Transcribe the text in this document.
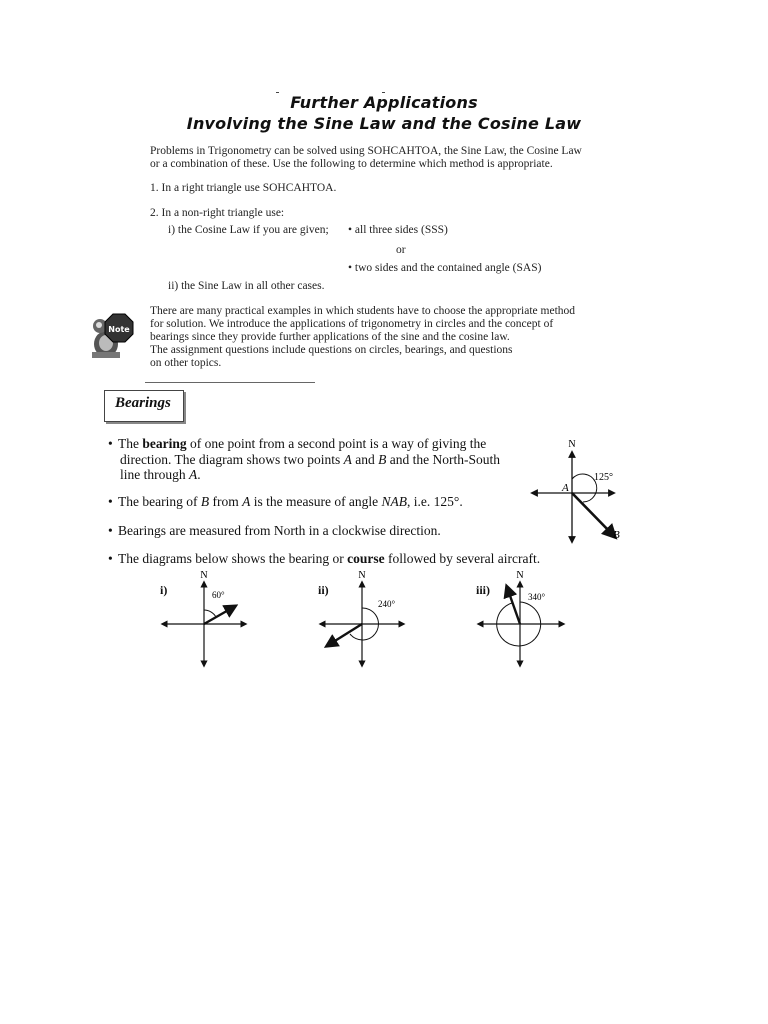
Further Applications
Involving the Sine Law and the Cosine Law
Problems in Trigonometry can be solved using SOHCAHTOA, the Sine Law, the Cosine Law
or a combination of these. Use the following to determine which method is appropriate.
1. In a right triangle use SOHCAHTOA.
2. In a non-right triangle use:
i) the Cosine Law if you are given; • all three sides (SSS)
or
• two sides and the contained angle (SAS)
ii) the Sine Law in all other cases.
Note
There are many practical examples in which students have to choose the appropriate method
for solution. We introduce the applications of trigonometry in circles and the concept of
bearings since they provide further applications of the sine and the cosine law.
The assignment questions include questions on circles, bearings, and questions
on other topics.
Bearings
• The bearing of one point from a second point is a way of giving the
direction. The diagram shows two points A and B and the North-South
line through A.
• The bearing of B from A is the measure of angle NAB, i.e. 125°.
• Bearings are measured from North in a clockwise direction.
• The diagrams below shows the bearing or course followed by several aircraft.
N
125°
A
B
i)
N
60°	ii)
N
240°
iii)
N
340°
